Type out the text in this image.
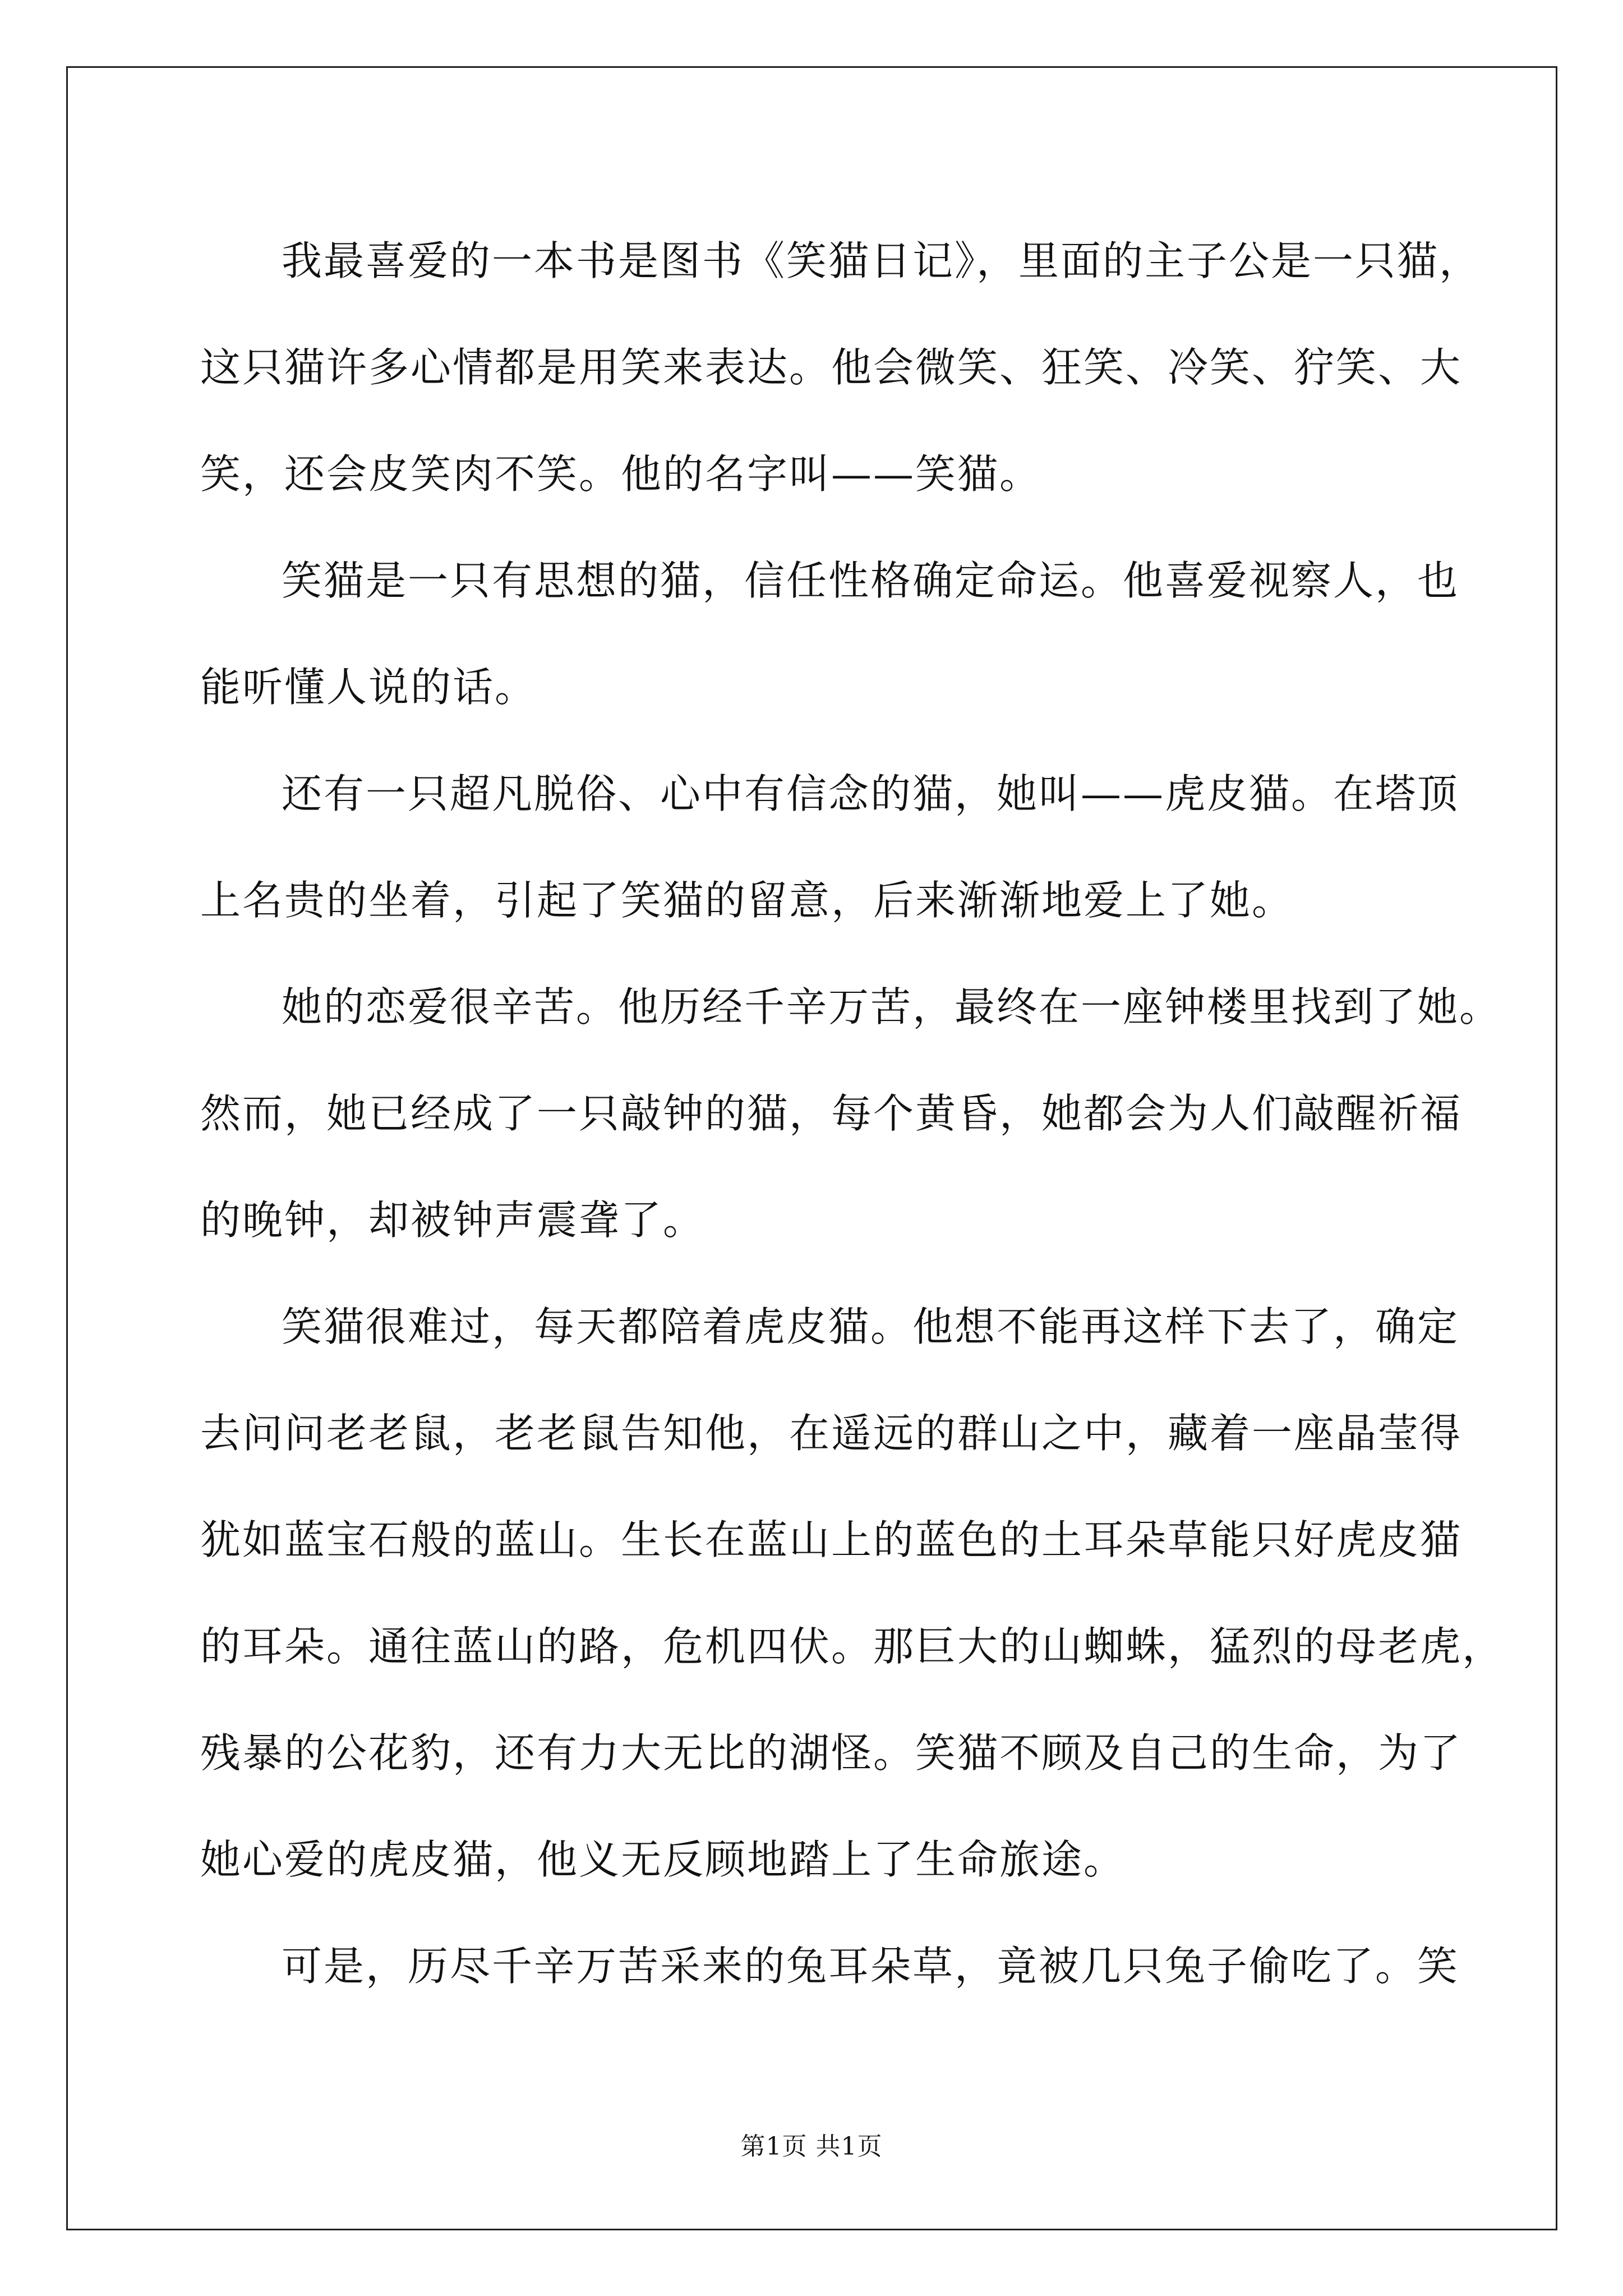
我最喜爱的一本书是图书《笑猫日记》，里面的主子公是一只猫，
这只猫许多心情都是用笑来表达。他会微笑、狂笑、冷笑、狞笑、大
笑，还会皮笑肉不笑。他的名字叫——笑猫。
笑猫是一只有思想的猫，信任性格确定命运。他喜爱视察人，也
能听懂人说的话。
还有一只超凡脱俗、心中有信念的猫，她叫——虎皮猫。在塔顶
上名贵的坐着，引起了笑猫的留意，后来渐渐地爱上了她。
她的恋爱很辛苦。他历经千辛万苦，最终在一座钟楼里找到了她。
然而，她已经成了一只敲钟的猫，每个黄昏，她都会为人们敲醒祈福
的晚钟，却被钟声震聋了。
笑猫很难过，每天都陪着虎皮猫。他想不能再这样下去了，确定
去问问老老鼠，老老鼠告知他，在遥远的群山之中，藏着一座晶莹得
犹如蓝宝石般的蓝山。生长在蓝山上的蓝色的土耳朵草能只好虎皮猫
的耳朵。通往蓝山的路，危机四伏。那巨大的山蜘蛛，猛烈的母老虎，
残暴的公花豹，还有力大无比的湖怪。笑猫不顾及自己的生命，为了
她心爱的虎皮猫，他义无反顾地踏上了生命旅途。
可是，历尽千辛万苦采来的兔耳朵草，竟被几只兔子偷吃了。笑
第1页 共1页
